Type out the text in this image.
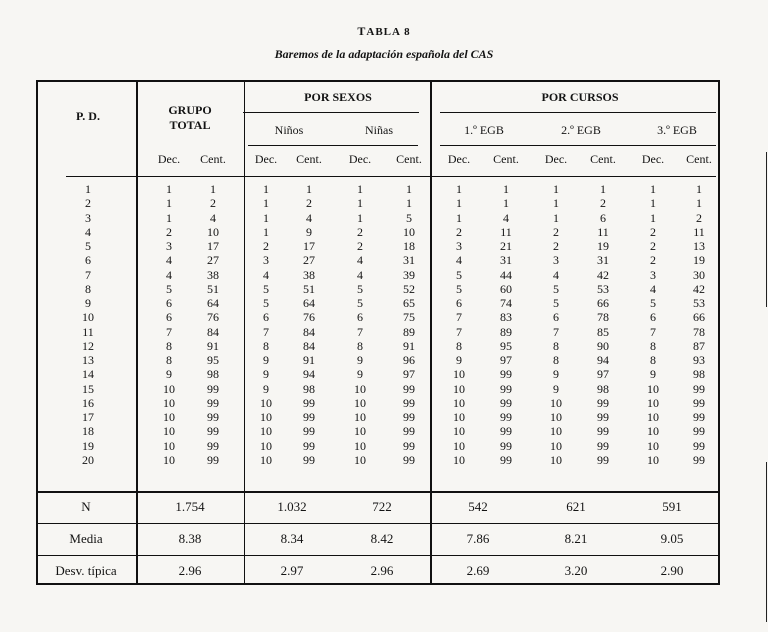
TABLA 8
Baremos de la adaptación española del CAS
P. D.	GRUPO
TOTAL
POR SEXOS	POR CURSOS
Niños	Niñas	1.º EGB	2.º EGB	3.º EGB
Dec. Cent. Dec. Cent. Dec. Cent. Dec. Cent. Dec. Cent. Dec. Cent.
1	1	1	1	1	1	1	1	1	1	1	1	1
2	1	2	1	2	1	1	1	1	1	2	1	1
3	1	4	1	4	1	5	1	4	1	6	1	2
4	2	10	1	9	2	10	2	11	2	11	2	11
5	3	17	2	17	2	18	3	21	2	19	2	13
6	4	27	3	27	4	31	4	31	3	31	2	19
7	4	38	4	38	4	39	5	44	4	42	3	30
8	5	51	5	51	5	52	5	60	5	53	4	42
9	6	64	5	64	5	65	6	74	5	66	5	53
10	6	76	6	76	6	75	7	83	6	78	6	66
11	7	84	7	84	7	89	7	89	7	85	7	78
12	8	91	8	84	8	91	8	95	8	90	8	87
13	8	95	9	91	9	96	9	97	8	94	8	93
14	9	98	9	94	9	97	10	99	9	97	9	98
15	10	99	9	98	10	99	10	99	9	98	10	99
16	10	99	10	99	10	99	10	99	10	99	10	99
17	10	99	10	99	10	99	10	99	10	99	10	99
18	10	99	10	99	10	99	10	99	10	99	10	99
19	10	99	10	99	10	99	10	99	10	99	10	99
20	10	99	10	99	10	99	10	99	10	99	10	99
N	1.754	1.032	722	542	621	591
Media	8.38	8.34	8.42	7.86	8.21	9.05
Desv. típica	2.96	2.97	2.96	2.69	3.20	2.90
